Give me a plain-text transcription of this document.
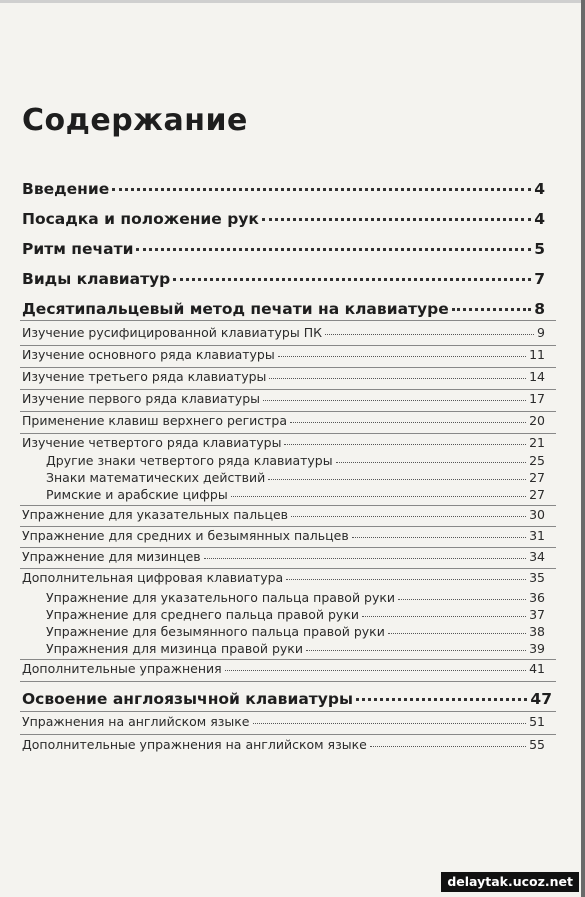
Содержание
Введение	4
Посадка и положение рук	4
Ритм печати	5
Виды клавиатур	7
Десятипальцевый метод печати на клавиатуре	8
Изучение русифицированной клавиатуры ПК	9
Изучение основного ряда клавиатуры	11
Изучение третьего ряда клавиатуры	14
Изучение первого ряда клавиатуры	17
Применение клавиш верхнего регистра	20
Изучение четвертого ряда клавиатуры	21
Другие знаки четвертого ряда клавиатуры	25
Знаки математических действий	27
Римские и арабские цифры	27
Упражнение для указательных пальцев	30
Упражнение для средних и безымянных пальцев	31
Упражнение для мизинцев	34
Дополнительная цифровая клавиатура	35
Упражнение для указательного пальца правой руки	36
Упражнение для среднего пальца правой руки	37
Упражнение для безымянного пальца правой руки	38
Упражнения для мизинца правой руки	39
Дополнительные упражнения	41
Освоение англоязычной клавиатуры	47
Упражнения на английском языке	51
Дополнительные упражнения на английском языке	55
delaytak.ucoz.net
